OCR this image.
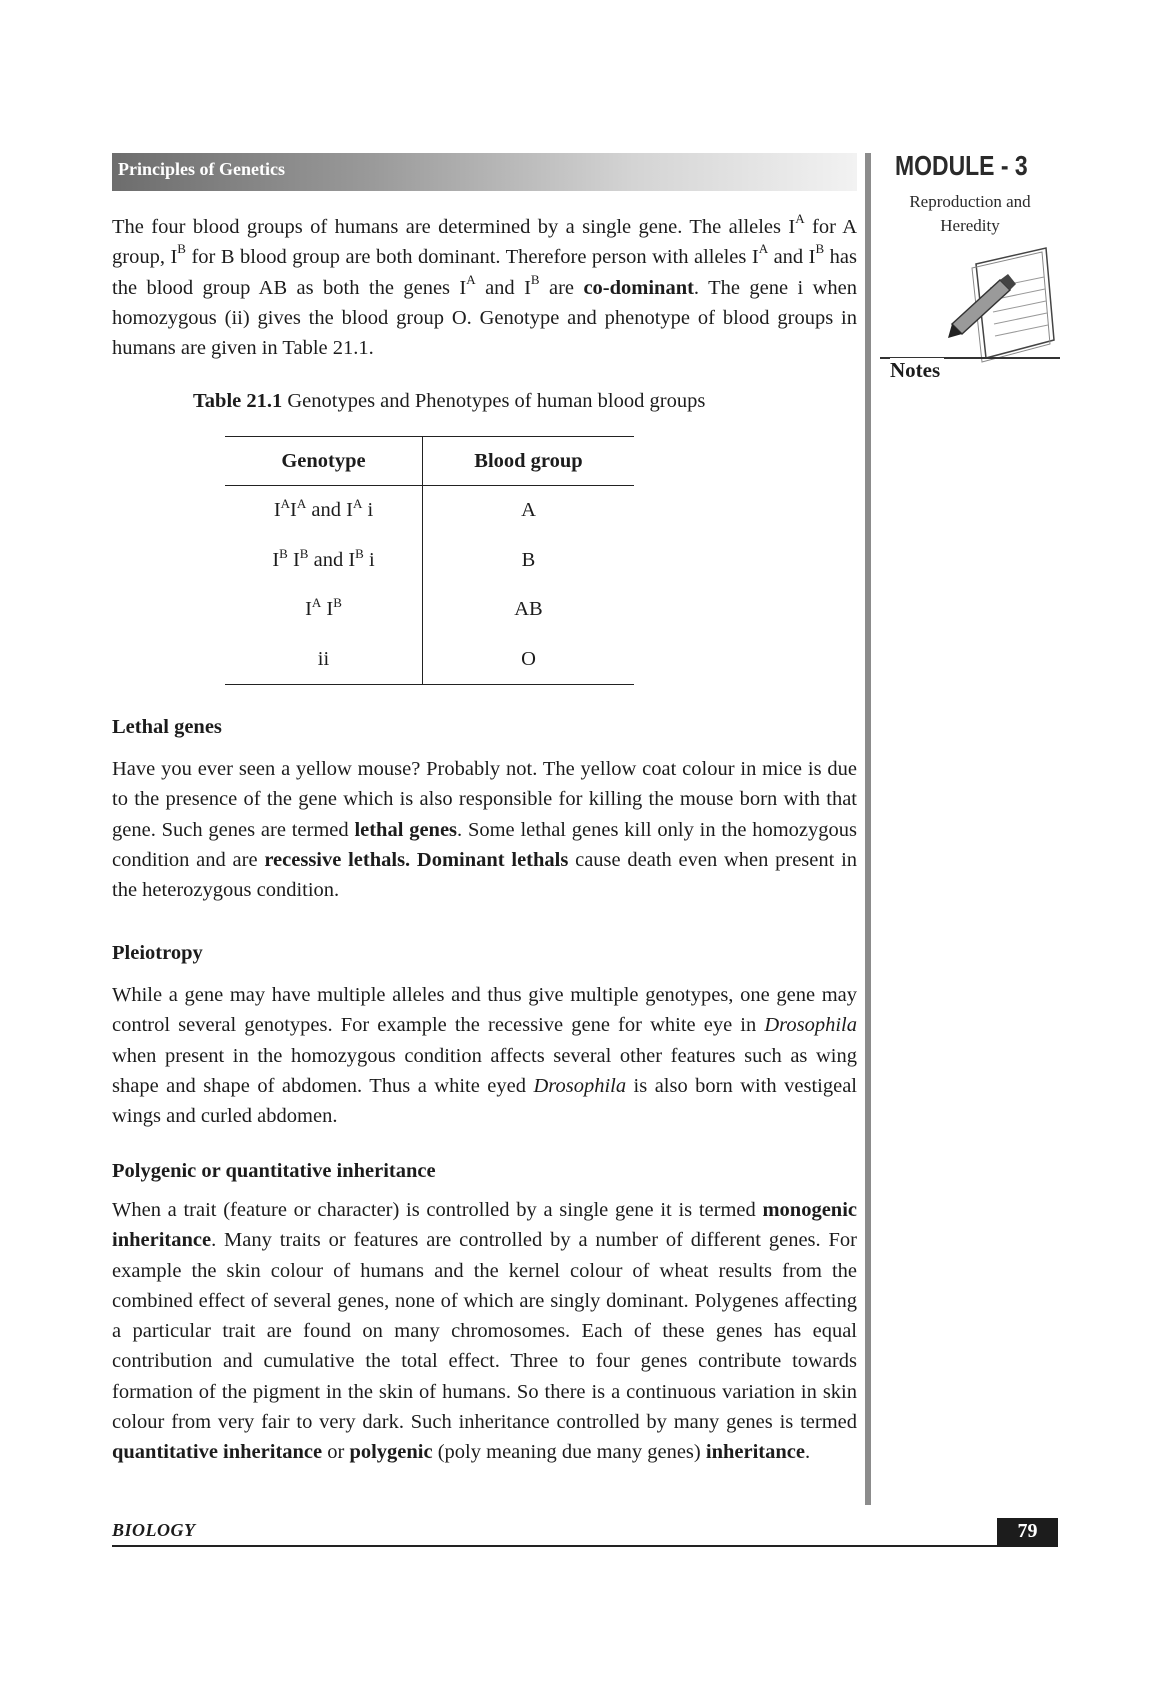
Principles of Genetics	MODULE - 3
Reproduction and
Heredity
Notes
The four blood groups of humans are determined by a single gene. The alleles $I^A$ for A group, $I^B$ for B blood group are both dominant. Therefore person with alleles $I^A$ and $I^B$ has the blood group AB as both the genes $I^A$ and $I^B$ are co-dominant. The gene i when homozygous (ii) gives the blood group O. Genotype and phenotype of blood groups in humans are given in Table 21.1.
Table 21.1 Genotypes and Phenotypes of human blood groups
Genotype	Blood group
$I^AI^A$ and $I^A$ i	A
$I^B$ $I^B$ and $I^B$ i	B
$I^A$ $I^B$	AB
ii	O
Lethal genes
Have you ever seen a yellow mouse? Probably not. The yellow coat colour in mice is due to the presence of the gene which is also responsible for killing the mouse born with that gene. Such genes are termed lethal genes. Some lethal genes kill only in the homozygous condition and are recessive lethals. Dominant lethals cause death even when present in the heterozygous condition.
Pleiotropy
While a gene may have multiple alleles and thus give multiple genotypes, one gene may control several genotypes. For example the recessive gene for white eye in Drosophila when present in the homozygous condition affects several other features such as wing shape and shape of abdomen. Thus a white eyed Drosophila is also born with vestigeal wings and curled abdomen.
Polygenic or quantitative inheritance
When a trait (feature or character) is controlled by a single gene it is termed monogenic inheritance. Many traits or features are controlled by a number of different genes. For example the skin colour of humans and the kernel colour of wheat results from the combined effect of several genes, none of which are singly dominant. Polygenes affecting a particular trait are found on many chromosomes. Each of these genes has equal contribution and cumulative the total effect. Three to four genes contribute towards formation of the pigment in the skin of humans. So there is a continuous variation in skin colour from very fair to very dark. Such inheritance controlled by many genes is termed quantitative inheritance or polygenic (poly meaning due many genes) inheritance.
BIOLOGY	79
